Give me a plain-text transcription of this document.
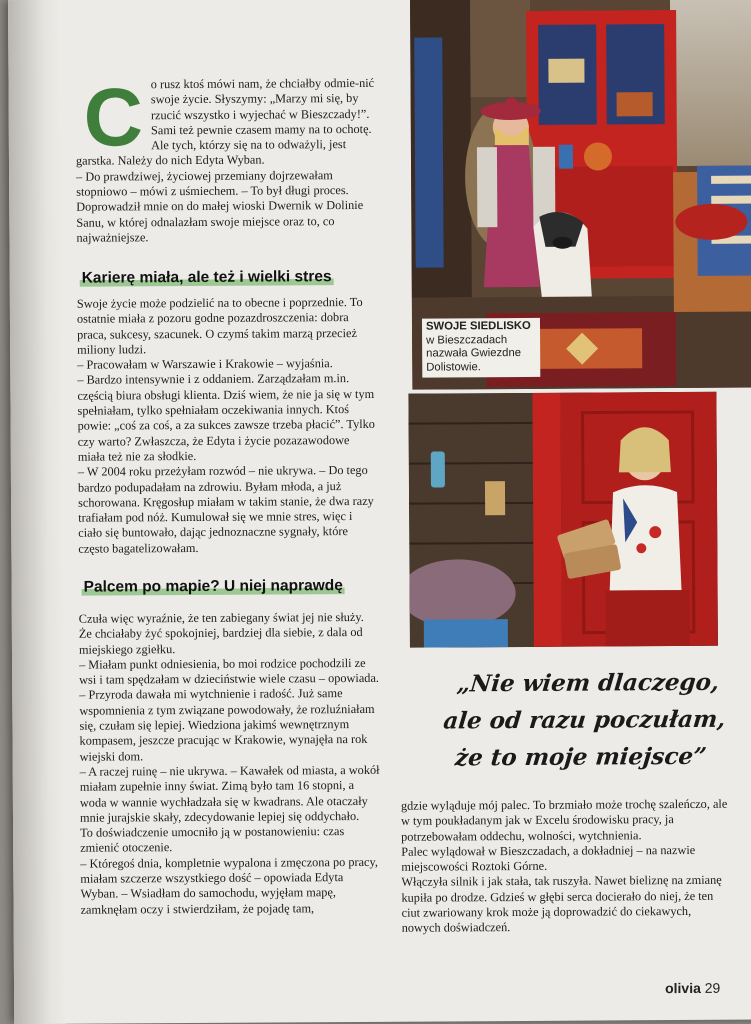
C o rusz ktoś mówi nam, że chciałby odmie-nić swoje życie. Słyszymy: „Marzy mi się, by rzucić wszystko i wyjechać w Bieszczady!”. Sami też pewnie czasem mamy na to ochotę. Ale tych, którzy się na to odważyli, jest garstka. Należy do nich Edyta Wyban.

– Do prawdziwej, życiowej przemiany dojrzewałam stopniowo – mówi z uśmiechem. – To był długi proces. Doprowadził mnie on do małej wioski Dwernik w Dolinie Sanu, w której odnalazłam swoje miejsce oraz to, co najważniejsze.

Karierę miała, ale też i wielki stres

Swoje życie może podzielić na to obecne i poprzednie. To ostatnie miała z pozoru godne pozazdroszczenia: dobra praca, sukcesy, szacunek. O czymś takim marzą przecież miliony ludzi.

– Pracowałam w Warszawie i Krakowie – wyjaśnia.

– Bardzo intensywnie i z oddaniem. Zarządzałam m.in. częścią biura obsługi klienta. Dziś wiem, że nie ja się w tym spełniałam, tylko spełniałam oczekiwania innych. Ktoś powie: „coś za coś, a za sukces zawsze trzeba płacić”. Tylko czy warto? Zwłaszcza, że Edyta i życie pozazawodowe miała też nie za słodkie.

– W 2004 roku przeżyłam rozwód – nie ukrywa. – Do tego bardzo podupadałam na zdrowiu. Byłam młoda, a już schorowana. Kręgosłup miałam w takim stanie, że dwa razy trafiałam pod nóż. Kumulował się we mnie stres, więc i ciało się buntowało, dając jednoznaczne sygnały, które często bagatelizowałam.

Palcem po mapie? U niej naprawdę

Czuła więc wyraźnie, że ten zabiegany świat jej nie służy. Że chciałaby żyć spokojniej, bardziej dla siebie, z dala od miejskiego zgiełku.

– Miałam punkt odniesienia, bo moi rodzice pochodzili ze wsi i tam spędzałam w dzieciństwie wiele czasu – opowiada. – Przyroda dawała mi wytchnienie i radość. Już same wspomnienia z tym związane powodowały, że rozluźniałam się, czułam się lepiej. Wiedziona jakimś wewnętrznym kompasem, jeszcze pracując w Krakowie, wynajęła na rok wiejski dom.

– A raczej ruinę – nie ukrywa. – Kawałek od miasta, a wokół miałam zupełnie inny świat. Zimą było tam 16 stopni, a woda w wannie wychładzała się w kwadrans. Ale otaczały mnie jurajskie skały, zdecydowanie lepiej się oddychało.

To doświadczenie umocniło ją w postanowieniu: czas zmienić otoczenie.

– Któregoś dnia, kompletnie wypalona i zmęczona po pracy, miałam szczerze wszystkiego dość – opowiada Edyta Wyban. – Wsiadłam do samochodu, wyjęłam mapę, zamknęłam oczy i stwierdziłam, że pojadę tam,

gdzie wyląduje mój palec. To brzmiało może trochę szaleńczo, ale w tym poukładanym jak w Excelu środowisku pracy, ja potrzebowałam oddechu, wolności, wytchnienia.

Palec wylądował w Bieszczadach, a dokładniej – na nazwie miejscowości Roztoki Górne.

Włączyła silnik i jak stała, tak ruszyła. Nawet bieliznę na zmianę kupiła po drodze. Gdzieś w głębi serca docierało do niej, że ten ciut zwariowany krok może ją doprowadzić do ciekawych, nowych doświadczeń.

SWOJE SIEDLISKO
w Bieszczadach nazwała Gwiezdne Dolistowie.
„Nie wiem dlaczego,
ale od razu poczułam,
że to moje miejsce”
olivia 29
